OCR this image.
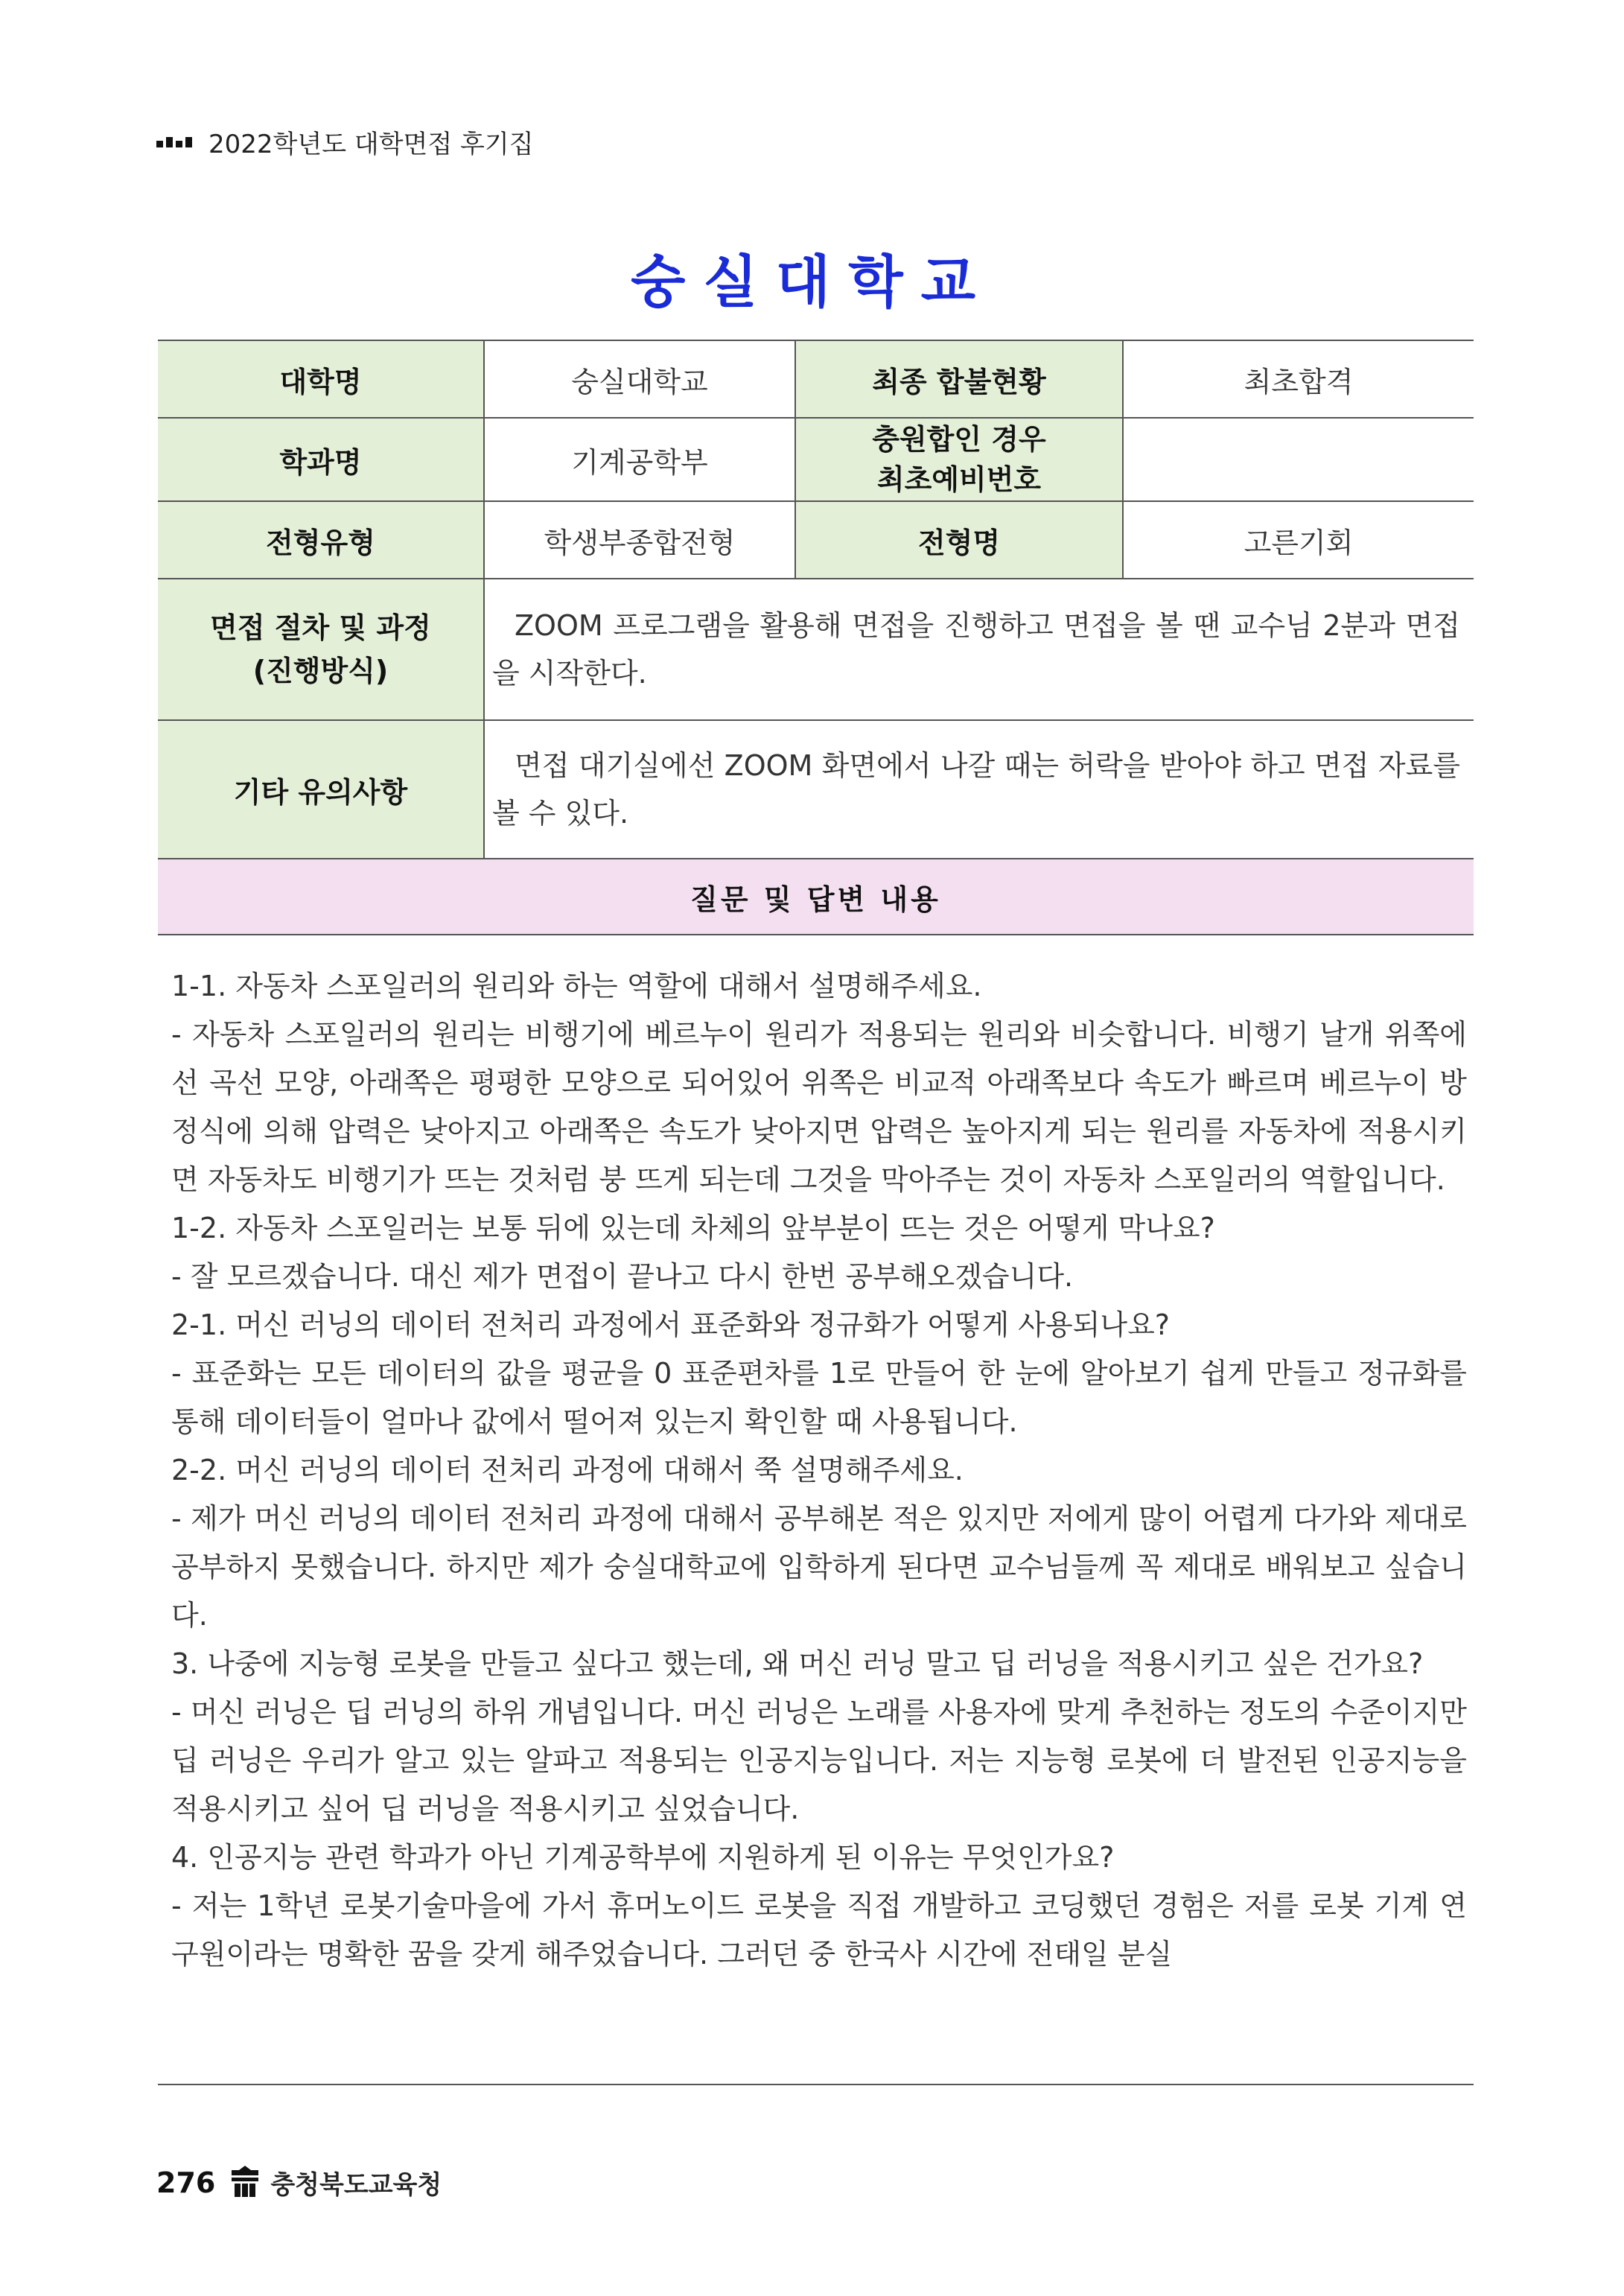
2022학년도 대학면접 후기집
숭실대학교
대학명	숭실대학교	최종 합불현황	최초합격
학과명	기계공학부	충원합인 경우
최초예비번호	

전형유형	학생부종합전형	전형명	고른기회

면접 절차 및 과정
(진행방식)	ZOOM 프로그램을 활용해 면접을 진행하고 면접을 볼 땐 교수님 2분과 면접을 시작한다.		

기타 유의사항	면접 대기실에선 ZOOM 화면에서 나갈 때는 허락을 받아야 하고 면접 자료를 볼 수 있다.		

질문 및 답변 내용			

1-1. 자동차 스포일러의 원리와 하는 역할에 대해서 설명해주세요.

- 자동차 스포일러의 원리는 비행기에 베르누이 원리가 적용되는 원리와 비슷합니다. 비행기 날개 위쪽에선 곡선 모양, 아래쪽은 평평한 모양으로 되어있어 위쪽은 비교적 아래쪽보다 속도가 빠르며 베르누이 방정식에 의해 압력은 낮아지고 아래쪽은 속도가 낮아지면 압력은 높아지게 되는 원리를 자동차에 적용시키면 자동차도 비행기가 뜨는 것처럼 붕 뜨게 되는데 그것을 막아주는 것이 자동차 스포일러의 역할입니다.

1-2. 자동차 스포일러는 보통 뒤에 있는데 차체의 앞부분이 뜨는 것은 어떻게 막나요?

- 잘 모르겠습니다. 대신 제가 면접이 끝나고 다시 한번 공부해오겠습니다.

2-1. 머신 러닝의 데이터 전처리 과정에서 표준화와 정규화가 어떻게 사용되나요?

- 표준화는 모든 데이터의 값을 평균을 0 표준편차를 1로 만들어 한 눈에 알아보기 쉽게 만들고 정규화를 통해 데이터들이 얼마나 값에서 떨어져 있는지 확인할 때 사용됩니다.

2-2. 머신 러닝의 데이터 전처리 과정에 대해서 쭉 설명해주세요.

- 제가 머신 러닝의 데이터 전처리 과정에 대해서 공부해본 적은 있지만 저에게 많이 어렵게 다가와 제대로 공부하지 못했습니다. 하지만 제가 숭실대학교에 입학하게 된다면 교수님들께 꼭 제대로 배워보고 싶습니다.

3. 나중에 지능형 로봇을 만들고 싶다고 했는데, 왜 머신 러닝 말고 딥 러닝을 적용시키고 싶은 건가요?

- 머신 러닝은 딥 러닝의 하위 개념입니다. 머신 러닝은 노래를 사용자에 맞게 추천하는 정도의 수준이지만 딥 러닝은 우리가 알고 있는 알파고 적용되는 인공지능입니다. 저는 지능형 로봇에 더 발전된 인공지능을 적용시키고 싶어 딥 러닝을 적용시키고 싶었습니다.

4. 인공지능 관련 학과가 아닌 기계공학부에 지원하게 된 이유는 무엇인가요?

- 저는 1학년 로봇기술마을에 가서 휴머노이드 로봇을 직접 개발하고 코딩했던 경험은 저를 로봇 기계 연구원이라는 명확한 꿈을 갖게 해주었습니다. 그러던 중 한국사 시간에 전태일 분실

276 충청북도교육청
